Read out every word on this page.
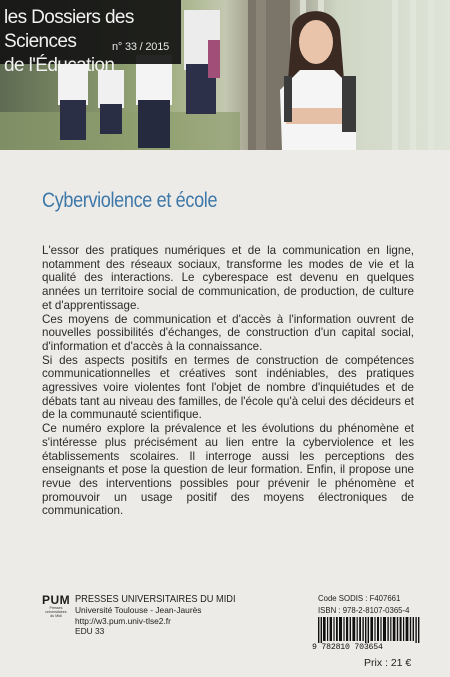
les Dossiers des Sciences
de l'Éducation
n° 33 / 2015
Cyberviolence et école

L'essor des pratiques numériques et de la communication en ligne, notamment des réseaux sociaux, transforme les modes de vie et la qualité des interactions. Le cyberespace est devenu en quelques années un territoire social de communication, de production, de culture et d'apprentissage.

Ces moyens de communication et d'accès à l'information ouvrent de nouvelles possibilités d'échanges, de construction d'un capital social, d'information et d'accès à la connaissance.

Si des aspects positifs en termes de construction de compétences communicationnelles et créatives sont indéniables, des pratiques agressives voire violentes font l'objet de nombre d'inquiétudes et de débats tant au niveau des familles, de l'école qu'à celui des décideurs et de la communauté scientifique.

Ce numéro explore la prévalence et les évolutions du phénomène et s'intéresse plus précisément au lien entre la cyberviolence et les établissements scolaires. Il interroge aussi les perceptions des enseignants et pose la question de leur formation. Enfin, il propose une revue des interventions possibles pour prévenir le phénomène et promouvoir un usage positif des moyens électroniques de communication.

PUM
Presses
universitaires
du Midi
PRESSES UNIVERSITAIRES DU MIDI
Université Toulouse - Jean-Jaurès
http://w3.pum.univ-tlse2.fr
EDU 33
Code SODIS : F407661
ISBN : 978-2-8107-0365-4
9 782810 703654
Prix : 21 €
